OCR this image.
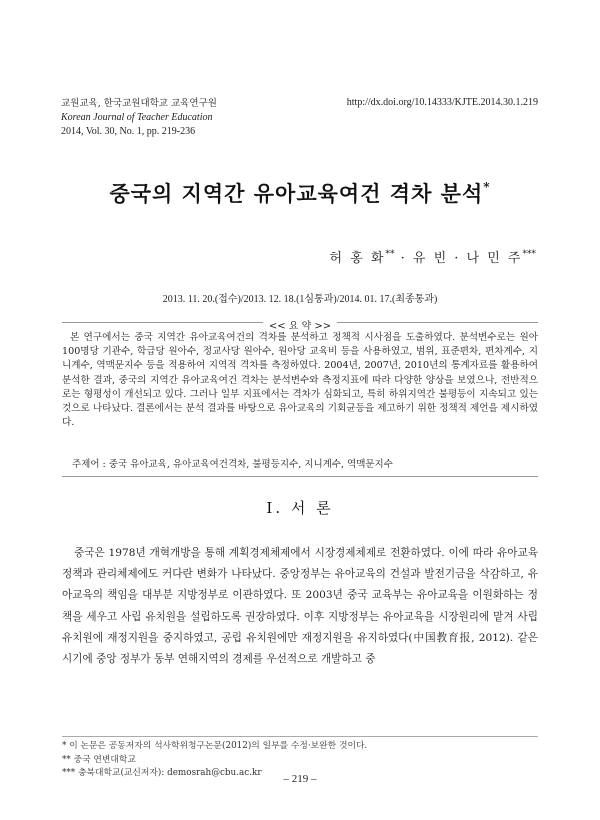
교원교육, 한국교원대학교 교육연구원
Korean Journal of Teacher Education
2014, Vol. 30, No. 1, pp. 219-236
http://dx.doi.org/10.14333/KJTE.2014.30.1.219
중국의 지역간 유아교육여건 격차 분석*
허 홍 화** · 유 빈 · 나 민 주***
2013. 11. 20.(접수)/2013. 12. 18.(1심통과)/2014. 01. 17.(최종통과)
<< 요 약 >>
본 연구에서는 중국 지역간 유아교육여건의 격차를 분석하고 정책적 시사점을 도출하였다. 분석변수로는 원아 100명당 기관수, 학급당 원아수, 정교사당 원아수, 원아당 교육비 등을 사용하였고, 범위, 표준편차, 편차계수, 지니계수, 역맥문지수 등을 적용하여 지역적 격차를 측정하였다. 2004년, 2007년, 2010년의 통계자료를 활용하여 분석한 결과, 중국의 지역간 유아교육여건 격차는 분석변수와 측정지표에 따라 다양한 양상을 보였으나, 전반적으로는 형평성이 개선되고 있다. 그러나 일부 지표에서는 격차가 심화되고, 특히 하위지역간 불평등이 지속되고 있는 것으로 나타났다. 결론에서는 분석 결과를 바탕으로 유아교육의 기회균등을 제고하기 위한 정책적 제언을 제시하였다.
주제어 : 중국 유아교육, 유아교육여건격차, 불평등지수, 지니계수, 역맥문지수
Ⅰ. 서 론
중국은 1978년 개혁개방을 통해 계획경제체제에서 시장경제체제로 전환하였다. 이에 따라 유아교육정책과 관리체제에도 커다란 변화가 나타났다. 중앙정부는 유아교육의 건설과 발전기금을 삭감하고, 유아교육의 책임을 대부분 지방정부로 이관하였다. 또 2003년 중국 교육부는 유아교육을 이원화하는 정책을 세우고 사립 유치원을 설립하도록 권장하였다. 이후 지방정부는 유아교육을 시장원리에 맡겨 사립 유치원에 재정지원을 중지하였고, 공립 유치원에만 재정지원을 유지하였다(中国教育报, 2012). 같은 시기에 중앙 정부가 동부 연해지역의 경제를 우선적으로 개발하고 중
* 이 논문은 공동저자의 석사학위청구논문(2012)의 일부를 수정·보완한 것이다.
** 중국 연변대학교
*** 충북대학교(교신저자): demosrah@cbu.ac.kr	– 219 –
